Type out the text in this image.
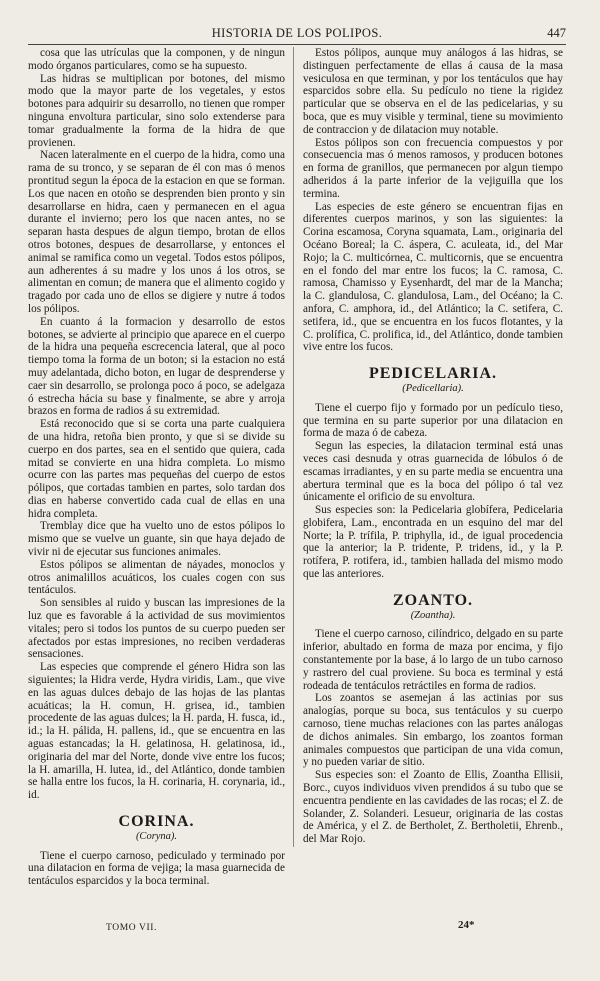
HISTORIA DE LOS POLIPOS.	447

cosa que las utrículas que la componen, y de ningun modo órganos particulares, como se ha supuesto.

Las hidras se multiplican por botones, del mismo modo que la mayor parte de los vegetales, y estos botones para adquirir su desarrollo, no tienen que romper ninguna envoltura particular, sino solo extenderse para tomar gradualmente la forma de la hidra de que provienen.

Nacen lateralmente en el cuerpo de la hidra, como una rama de su tronco, y se separan de él con mas ó menos prontitud segun la época de la estacion en que se forman. Los que nacen en otoño se desprenden bien pronto y sin desarrollarse en hidra, caen y permanecen en el agua durante el invierno; pero los que nacen antes, no se separan hasta despues de algun tiempo, brotan de ellos otros botones, despues de desarrollarse, y entonces el animal se ramifica como un vegetal. Todos estos pólipos, aun adherentes á su madre y los unos á los otros, se alimentan en comun; de manera que el alimento cogido y tragado por cada uno de ellos se digiere y nutre á todos los pólipos.

En cuanto á la formacion y desarrollo de estos botones, se advierte al principio que aparece en el cuerpo de la hidra una pequeña escrecencia lateral, que al poco tiempo toma la forma de un boton; si la estacion no está muy adelantada, dicho boton, en lugar de desprenderse y caer sin desarrollo, se prolonga poco á poco, se adelgaza ó estrecha hácia su base y finalmente, se abre y arroja brazos en forma de radios á su extremidad.

Está reconocido que si se corta una parte cualquiera de una hidra, retoña bien pronto, y que si se divide su cuerpo en dos partes, sea en el sentido que quiera, cada mitad se convierte en una hidra completa. Lo mismo ocurre con las partes mas pequeñas del cuerpo de estos pólipos, que cortadas tambien en partes, solo tardan dos dias en haberse convertido cada cual de ellas en una hidra completa.

Tremblay dice que ha vuelto uno de estos pólipos lo mismo que se vuelve un guante, sin que haya dejado de vivir ni de ejecutar sus funciones animales.

Estos pólipos se alimentan de náyades, monoclos y otros animalillos acuáticos, los cuales cogen con sus tentáculos.

Son sensibles al ruido y buscan las impresiones de la luz que es favorable á la actividad de sus movimientos vitales; pero si todos los puntos de su cuerpo pueden ser afectados por estas impresiones, no reciben verdaderas sensaciones.

Las especies que comprende el género Hidra son las siguientes; la Hidra verde, Hydra viridis, Lam., que vive en las aguas dulces debajo de las hojas de las plantas acuáticas; la H. comun, H. grisea, id., tambien procedente de las aguas dulces; la H. parda, H. fusca, id., id.; la H. pálida, H. pallens, id., que se encuentra en las aguas estancadas; la H. gelatinosa, H. gelatinosa, id., originaria del mar del Norte, donde vive entre los fucos; la H. amarilla, H. lutea, id., del Atlántico, donde tambien se halla entre los fucos, la H. corinaria, H. corynaria, id., id.

CORINA.
(Coryna).

Tiene el cuerpo carnoso, pediculado y terminado por una dilatacion en forma de vejiga; la masa guarnecida de tentáculos esparcidos y la boca terminal.

Estos pólipos, aunque muy análogos á las hidras, se distinguen perfectamente de ellas á causa de la masa vesiculosa en que terminan, y por los tentáculos que hay esparcidos sobre ella. Su pedículo no tiene la rigidez particular que se observa en el de las pedicelarias, y su boca, que es muy visible y terminal, tiene su movimiento de contraccion y de dilatacion muy notable.

Estos pólipos son con frecuencia compuestos y por consecuencia mas ó menos ramosos, y producen botones en forma de granillos, que permanecen por algun tiempo adheridos á la parte inferior de la vejiguilla que los termina.

Las especies de este género se encuentran fijas en diferentes cuerpos marinos, y son las siguientes: la Corina escamosa, Coryna squamata, Lam., originaria del Océano Boreal; la C. áspera, C. aculeata, id., del Mar Rojo; la C. multicórnea, C. multicornis, que se encuentra en el fondo del mar entre los fucos; la C. ramosa, C. ramosa, Chamisso y Eysenhardt, del mar de la Mancha; la C. glandulosa, C. glandulosa, Lam., del Océano; la C. anfora, C. amphora, id., del Atlántico; la C. setifera, C. setifera, id., que se encuentra en los fucos flotantes, y la C. prolífica, C. prolifica, id., del Atlántico, donde tambien vive entre los fucos.

PEDICELARIA.
(Pedicellaria).

Tiene el cuerpo fijo y formado por un pedículo tieso, que termina en su parte superior por una dilatacion en forma de maza ó de cabeza.

Segun las especies, la dilatacion terminal está unas veces casi desnuda y otras guarnecida de lóbulos ó de escamas irradiantes, y en su parte media se encuentra una abertura terminal que es la boca del pólipo ó tal vez únicamente el orificio de su envoltura.

Sus especies son: la Pedicelaria globífera, Pedicelaria globifera, Lam., encontrada en un esquino del mar del Norte; la P. trífila, P. triphylla, id., de igual procedencia que la anterior; la P. tridente, P. tridens, id., y la P. rotífera, P. rotifera, id., tambien hallada del mismo modo que las anteriores.

ZOANTO.
(Zoantha).

Tiene el cuerpo carnoso, cilíndrico, delgado en su parte inferior, abultado en forma de maza por encima, y fijo constantemente por la base, á lo largo de un tubo carnoso y rastrero del cual proviene. Su boca es terminal y está rodeada de tentáculos retráctiles en forma de radios.

Los zoantos se asemejan á las actinias por sus analogías, porque su boca, sus tentáculos y su cuerpo carnoso, tiene muchas relaciones con las partes análogas de dichos animales. Sin embargo, los zoantos forman animales compuestos que participan de una vida comun, y no pueden variar de sitio.

Sus especies son: el Zoanto de Ellis, Zoantha Ellisii, Borc., cuyos individuos viven prendidos á su tubo que se encuentra pendiente en las cavidades de las rocas; el Z. de Solander, Z. Solanderi. Lesueur, originaria de las costas de América, y el Z. de Bertholet, Z. Bertholetii, Ehrenb., del Mar Rojo.

TOMO VII.	24*
